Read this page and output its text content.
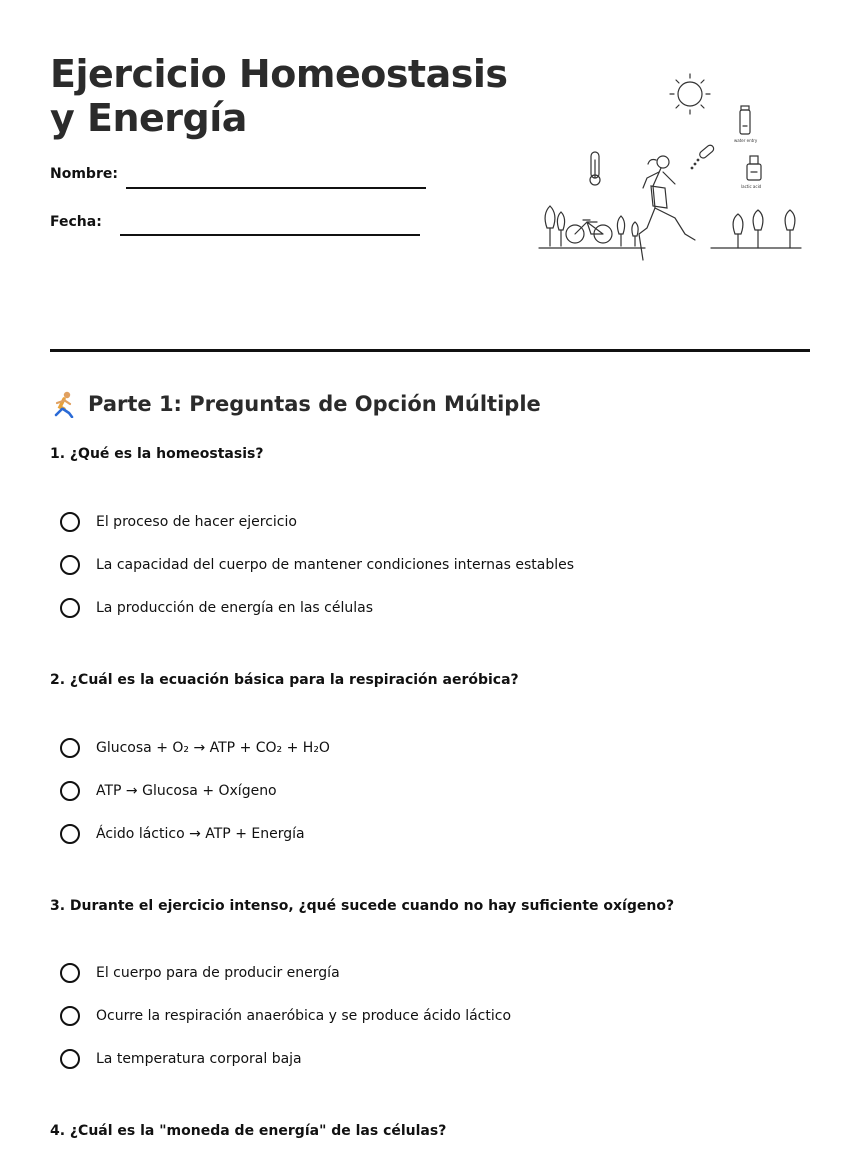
Ejercicio Homeostasis y Energía
Nombre:
Fecha:
water entry
lactic acid
Parte 1: Preguntas de Opción Múltiple
1. ¿Qué es la homeostasis?
El proceso de hacer ejercicio
La capacidad del cuerpo de mantener condiciones internas estables
La producción de energía en las células
2. ¿Cuál es la ecuación básica para la respiración aeróbica?
Glucosa + O₂ → ATP + CO₂ + H₂O
ATP → Glucosa + Oxígeno
Ácido láctico → ATP + Energía
3. Durante el ejercicio intenso, ¿qué sucede cuando no hay suficiente oxígeno?
El cuerpo para de producir energía
Ocurre la respiración anaeróbica y se produce ácido láctico
La temperatura corporal baja
4. ¿Cuál es la "moneda de energía" de las células?
